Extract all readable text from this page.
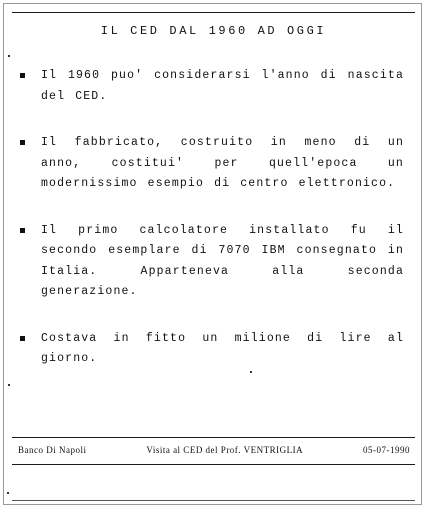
IL CED DAL 1960 AD OGGI
Il 1960 puo' considerarsi l'anno di nascita del CED.
Il fabbricato, costruito in meno di un anno, costitui' per quell'epoca un modernissimo esempio di centro elettronico.
Il primo calcolatore installato fu il secondo esemplare di 7070 IBM consegnato in Italia. Apparteneva alla seconda generazione.
Costava in fitto un milione di lire al giorno.
Banco Di Napoli	Visita al CED del Prof. VENTRIGLIA	05-07-1990
